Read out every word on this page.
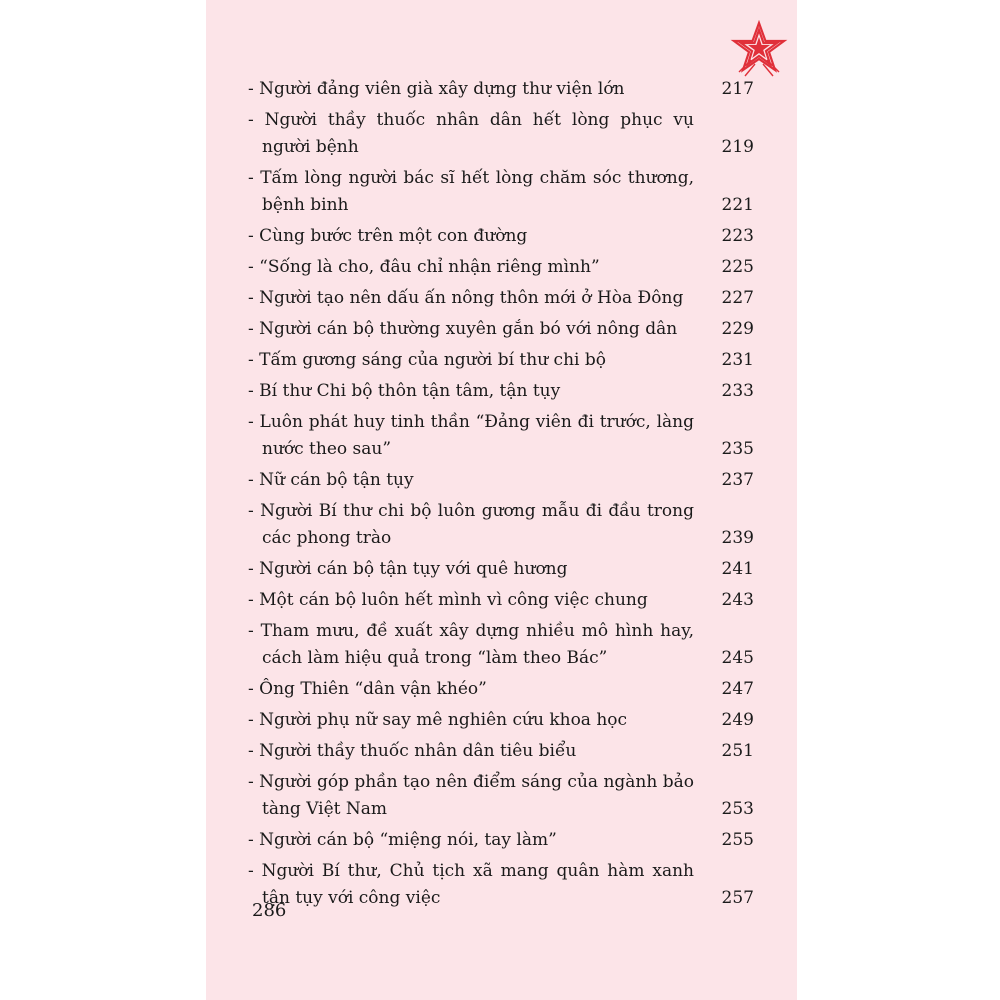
- Người đảng viên già xây dựng thư viện lớn	217
- Người thầy thuốc nhân dân hết lòng phục vụ người bệnh	219
- Tấm lòng người bác sĩ hết lòng chăm sóc thương, bệnh binh	221
- Cùng bước trên một con đường	223
- “Sống là cho, đâu chỉ nhận riêng mình”	225
- Người tạo nên dấu ấn nông thôn mới ở Hòa Đông	227
- Người cán bộ thường xuyên gắn bó với nông dân	229
- Tấm gương sáng của người bí thư chi bộ	231
- Bí thư Chi bộ thôn tận tâm, tận tụy	233
- Luôn phát huy tinh thần “Đảng viên đi trước, làng nước theo sau”	235
- Nữ cán bộ tận tụy	237
- Người Bí thư chi bộ luôn gương mẫu đi đầu trong các phong trào	239
- Người cán bộ tận tụy với quê hương	241
- Một cán bộ luôn hết mình vì công việc chung	243
- Tham mưu, đề xuất xây dựng nhiều mô hình hay, cách làm hiệu quả trong “làm theo Bác”	245
- Ông Thiên “dân vận khéo”	247
- Người phụ nữ say mê nghiên cứu khoa học	249
- Người thầy thuốc nhân dân tiêu biểu	251
- Người góp phần tạo nên điểm sáng của ngành bảo tàng Việt Nam	253
- Người cán bộ “miệng nói, tay làm”	255
- Người Bí thư, Chủ tịch xã mang quân hàm xanh tận tụy với công việc	257
286
